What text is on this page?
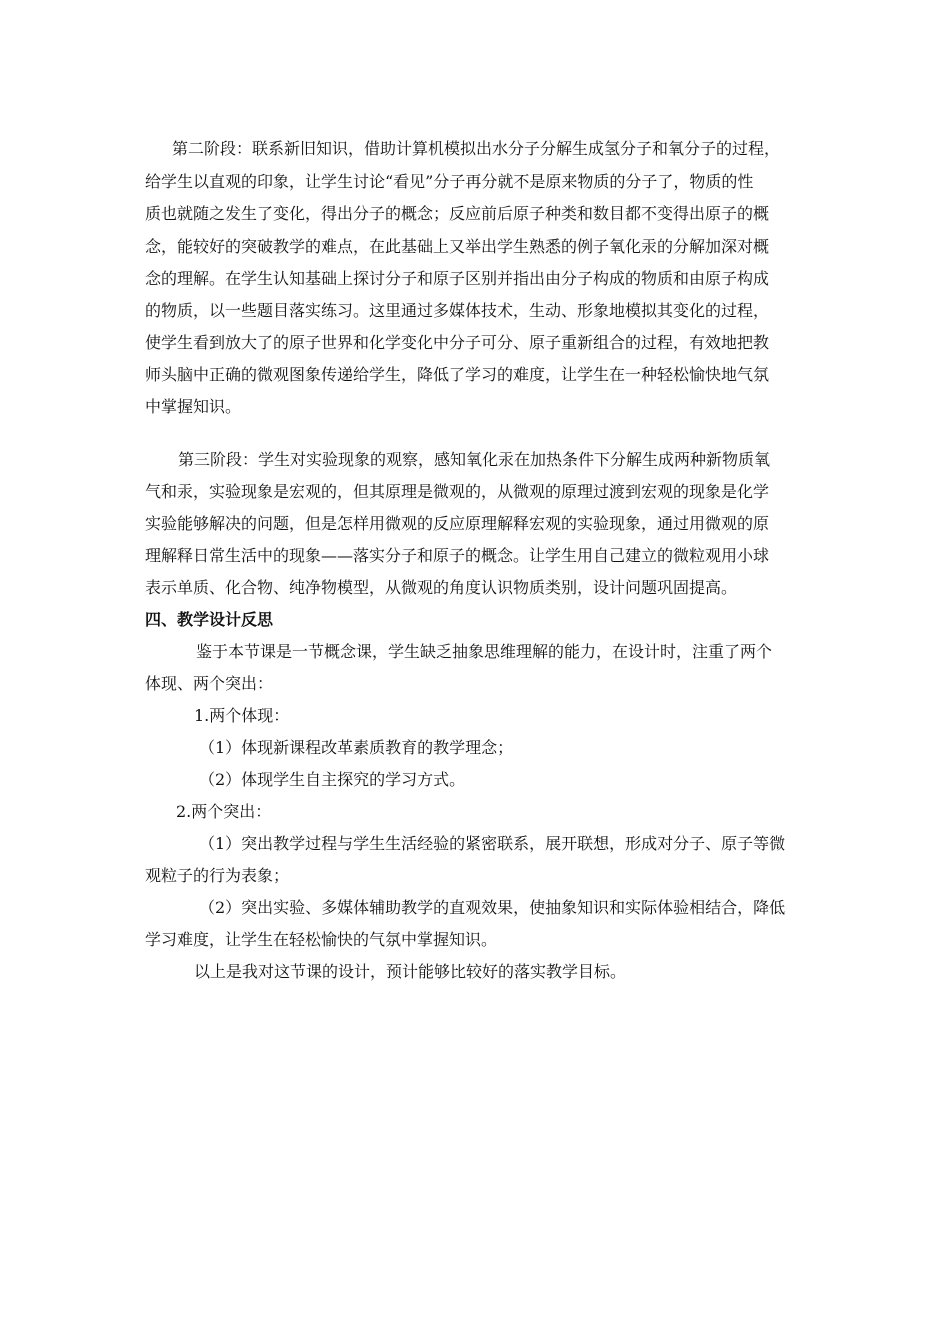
第二阶段：联系新旧知识，借助计算机模拟出水分子分解生成氢分子和氧分子的过程，
给学生以直观的印象，让学生讨论“看见”分子再分就不是原来物质的分子了，物质的性
质也就随之发生了变化，得出分子的概念；反应前后原子种类和数目都不变得出原子的概
念，能较好的突破教学的难点，在此基础上又举出学生熟悉的例子氧化汞的分解加深对概
念的理解。在学生认知基础上探讨分子和原子区别并指出由分子构成的物质和由原子构成
的物质，以一些题目落实练习。这里通过多媒体技术，生动、形象地模拟其变化的过程，
使学生看到放大了的原子世界和化学变化中分子可分、原子重新组合的过程，有效地把教
师头脑中正确的微观图象传递给学生，降低了学习的难度，让学生在一种轻松愉快地气氛
中掌握知识。
第三阶段：学生对实验现象的观察，感知氧化汞在加热条件下分解生成两种新物质氧
气和汞，实验现象是宏观的，但其原理是微观的，从微观的原理过渡到宏观的现象是化学
实验能够解决的问题，但是怎样用微观的反应原理解释宏观的实验现象，通过用微观的原
理解释日常生活中的现象——落实分子和原子的概念。让学生用自己建立的微粒观用小球
表示单质、化合物、纯净物模型，从微观的角度认识物质类别，设计问题巩固提高。
四、教学设计反思
鉴于本节课是一节概念课，学生缺乏抽象思维理解的能力，在设计时，注重了两个
体现、两个突出：
1.两个体现：
（1）体现新课程改革素质教育的教学理念；
（2）体现学生自主探究的学习方式。
2.两个突出：
（1）突出教学过程与学生生活经验的紧密联系，展开联想，形成对分子、原子等微
观粒子的行为表象；
（2）突出实验、多媒体辅助教学的直观效果，使抽象知识和实际体验相结合，降低
学习难度，让学生在轻松愉快的气氛中掌握知识。
以上是我对这节课的设计，预计能够比较好的落实教学目标。
